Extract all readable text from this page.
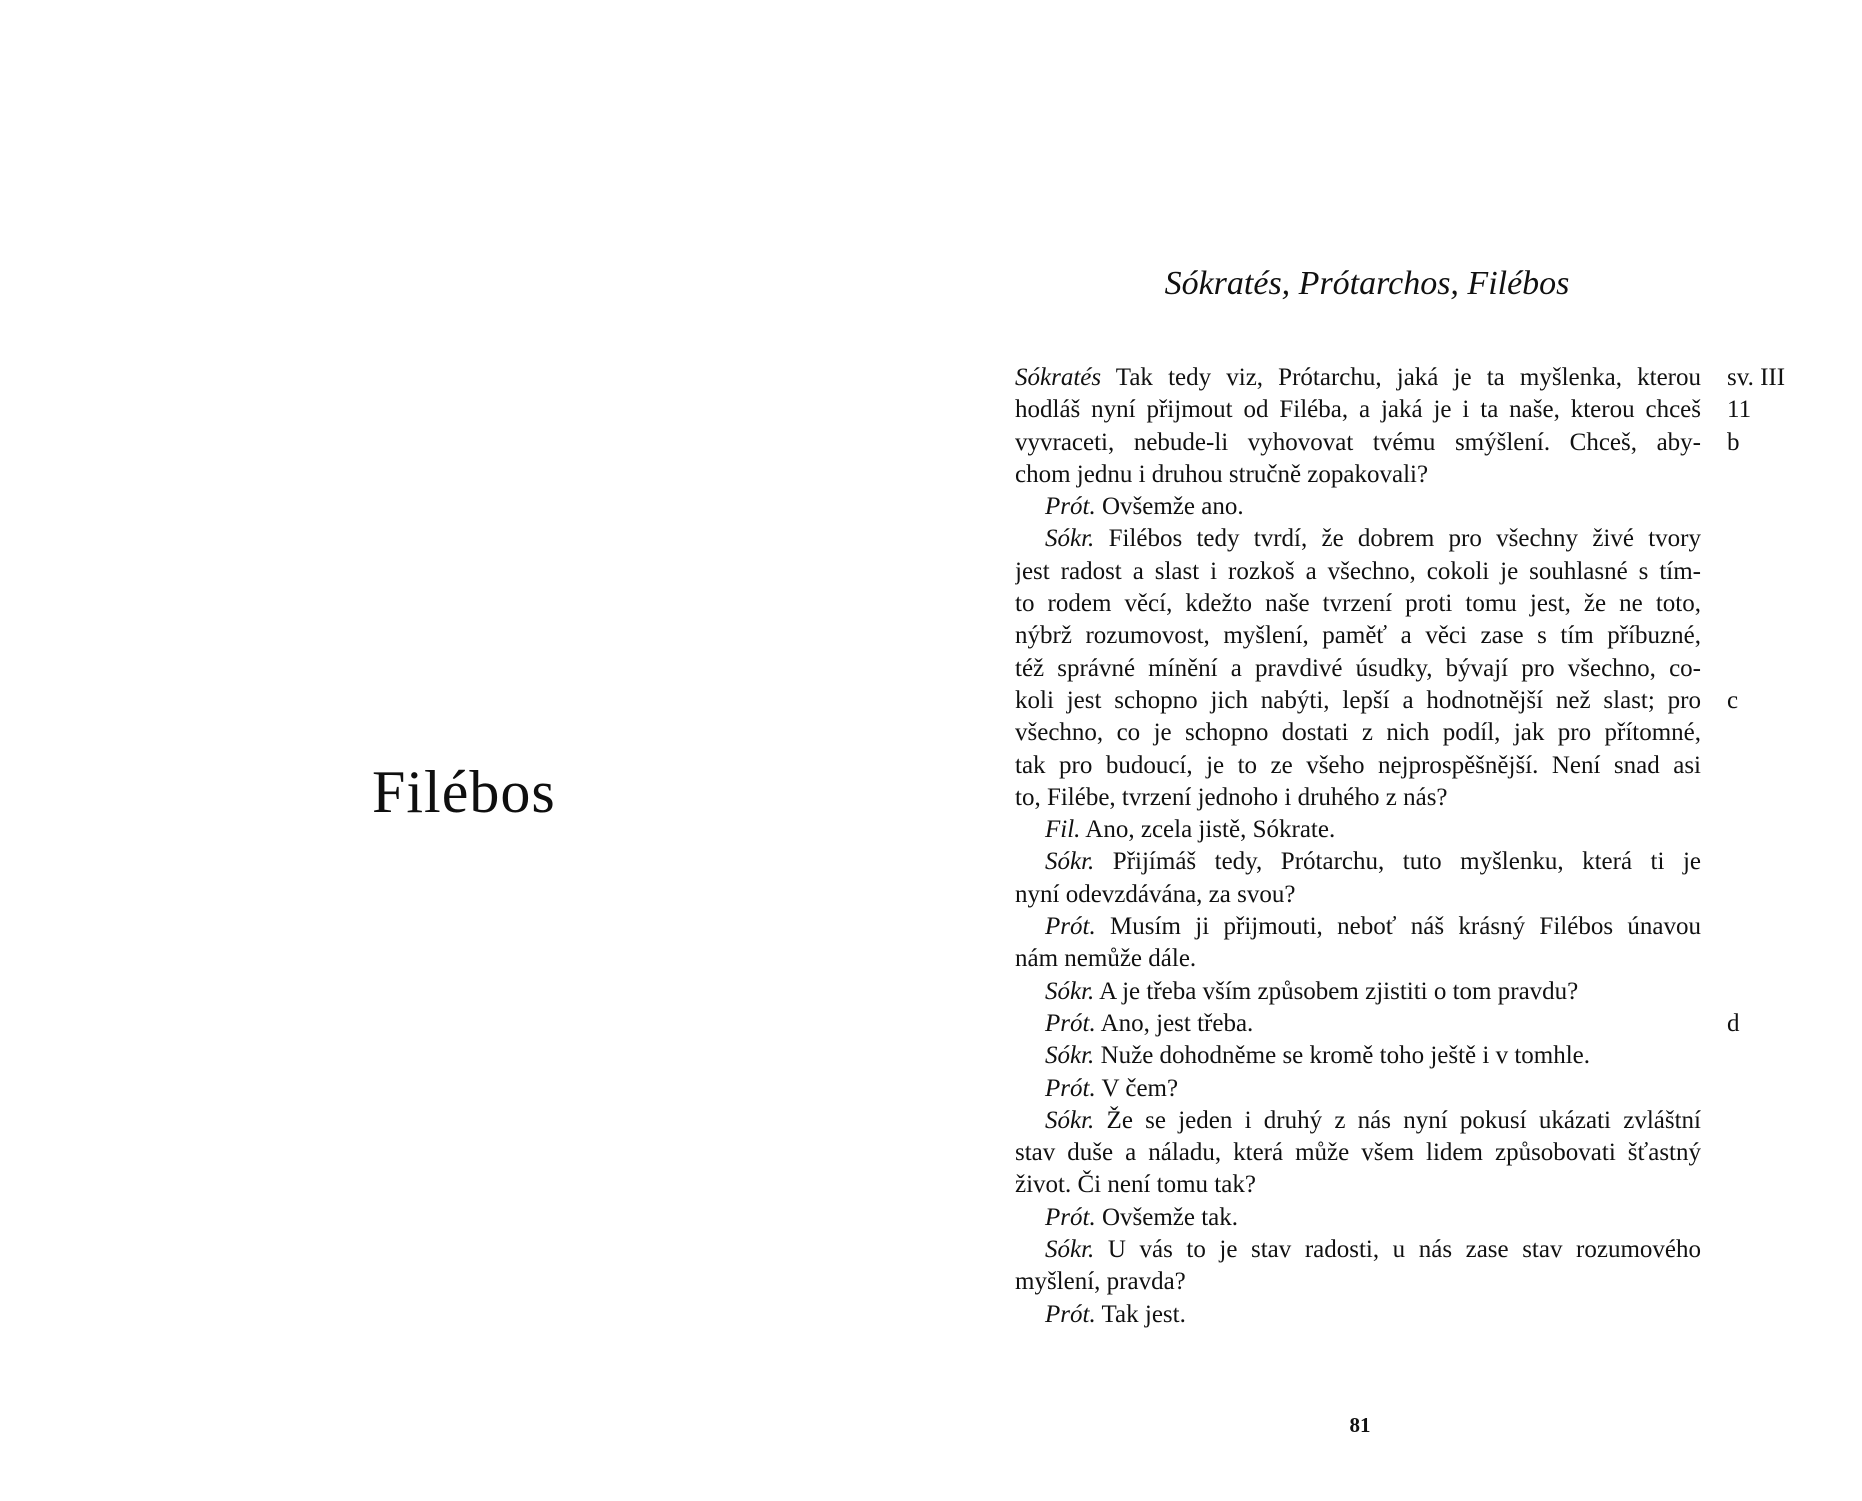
Filébos
Sókratés, Prótarchos, Filébos
Sókratés Tak tedy viz, Prótarchu, jaká je ta myšlenka, kterou
hodláš nyní přijmout od Filéba, a jaká je i ta naše, kterou chceš
vyvraceti, nebude-li vyhovovat tvému smýšlení. Chceš, aby-
chom jednu i druhou stručně zopakovali?
Prót. Ovšemže ano.
Sókr. Filébos tedy tvrdí, že dobrem pro všechny živé tvory
jest radost a slast i rozkoš a všechno, cokoli je souhlasné s tím-
to rodem věcí, kdežto naše tvrzení proti tomu jest, že ne toto,
nýbrž rozumovost, myšlení, paměť a věci zase s tím příbuzné,
též správné mínění a pravdivé úsudky, bývají pro všechno, co-
koli jest schopno jich nabýti, lepší a hodnotnější než slast; pro
všechno, co je schopno dostati z nich podíl, jak pro přítomné,
tak pro budoucí, je to ze všeho nejprospěšnější. Není snad asi
to, Filébe, tvrzení jednoho i druhého z nás?
Fil. Ano, zcela jistě, Sókrate.
Sókr. Přijímáš tedy, Prótarchu, tuto myšlenku, která ti je
nyní odevzdávána, za svou?
Prót. Musím ji přijmouti, neboť náš krásný Filébos únavou
nám nemůže dále.
Sókr. A je třeba vším způsobem zjistiti o tom pravdu?
Prót. Ano, jest třeba.
Sókr. Nuže dohodněme se kromě toho ještě i v tomhle.
Prót. V čem?
Sókr. Že se jeden i druhý z nás nyní pokusí ukázati zvláštní
stav duše a náladu, která může všem lidem způsobovati šťastný
život. Či není tomu tak?
Prót. Ovšemže tak.
Sókr. U vás to je stav radosti, u nás zase stav rozumového
myšlení, pravda?
Prót. Tak jest.
sv. III
11
b
c
d
81
